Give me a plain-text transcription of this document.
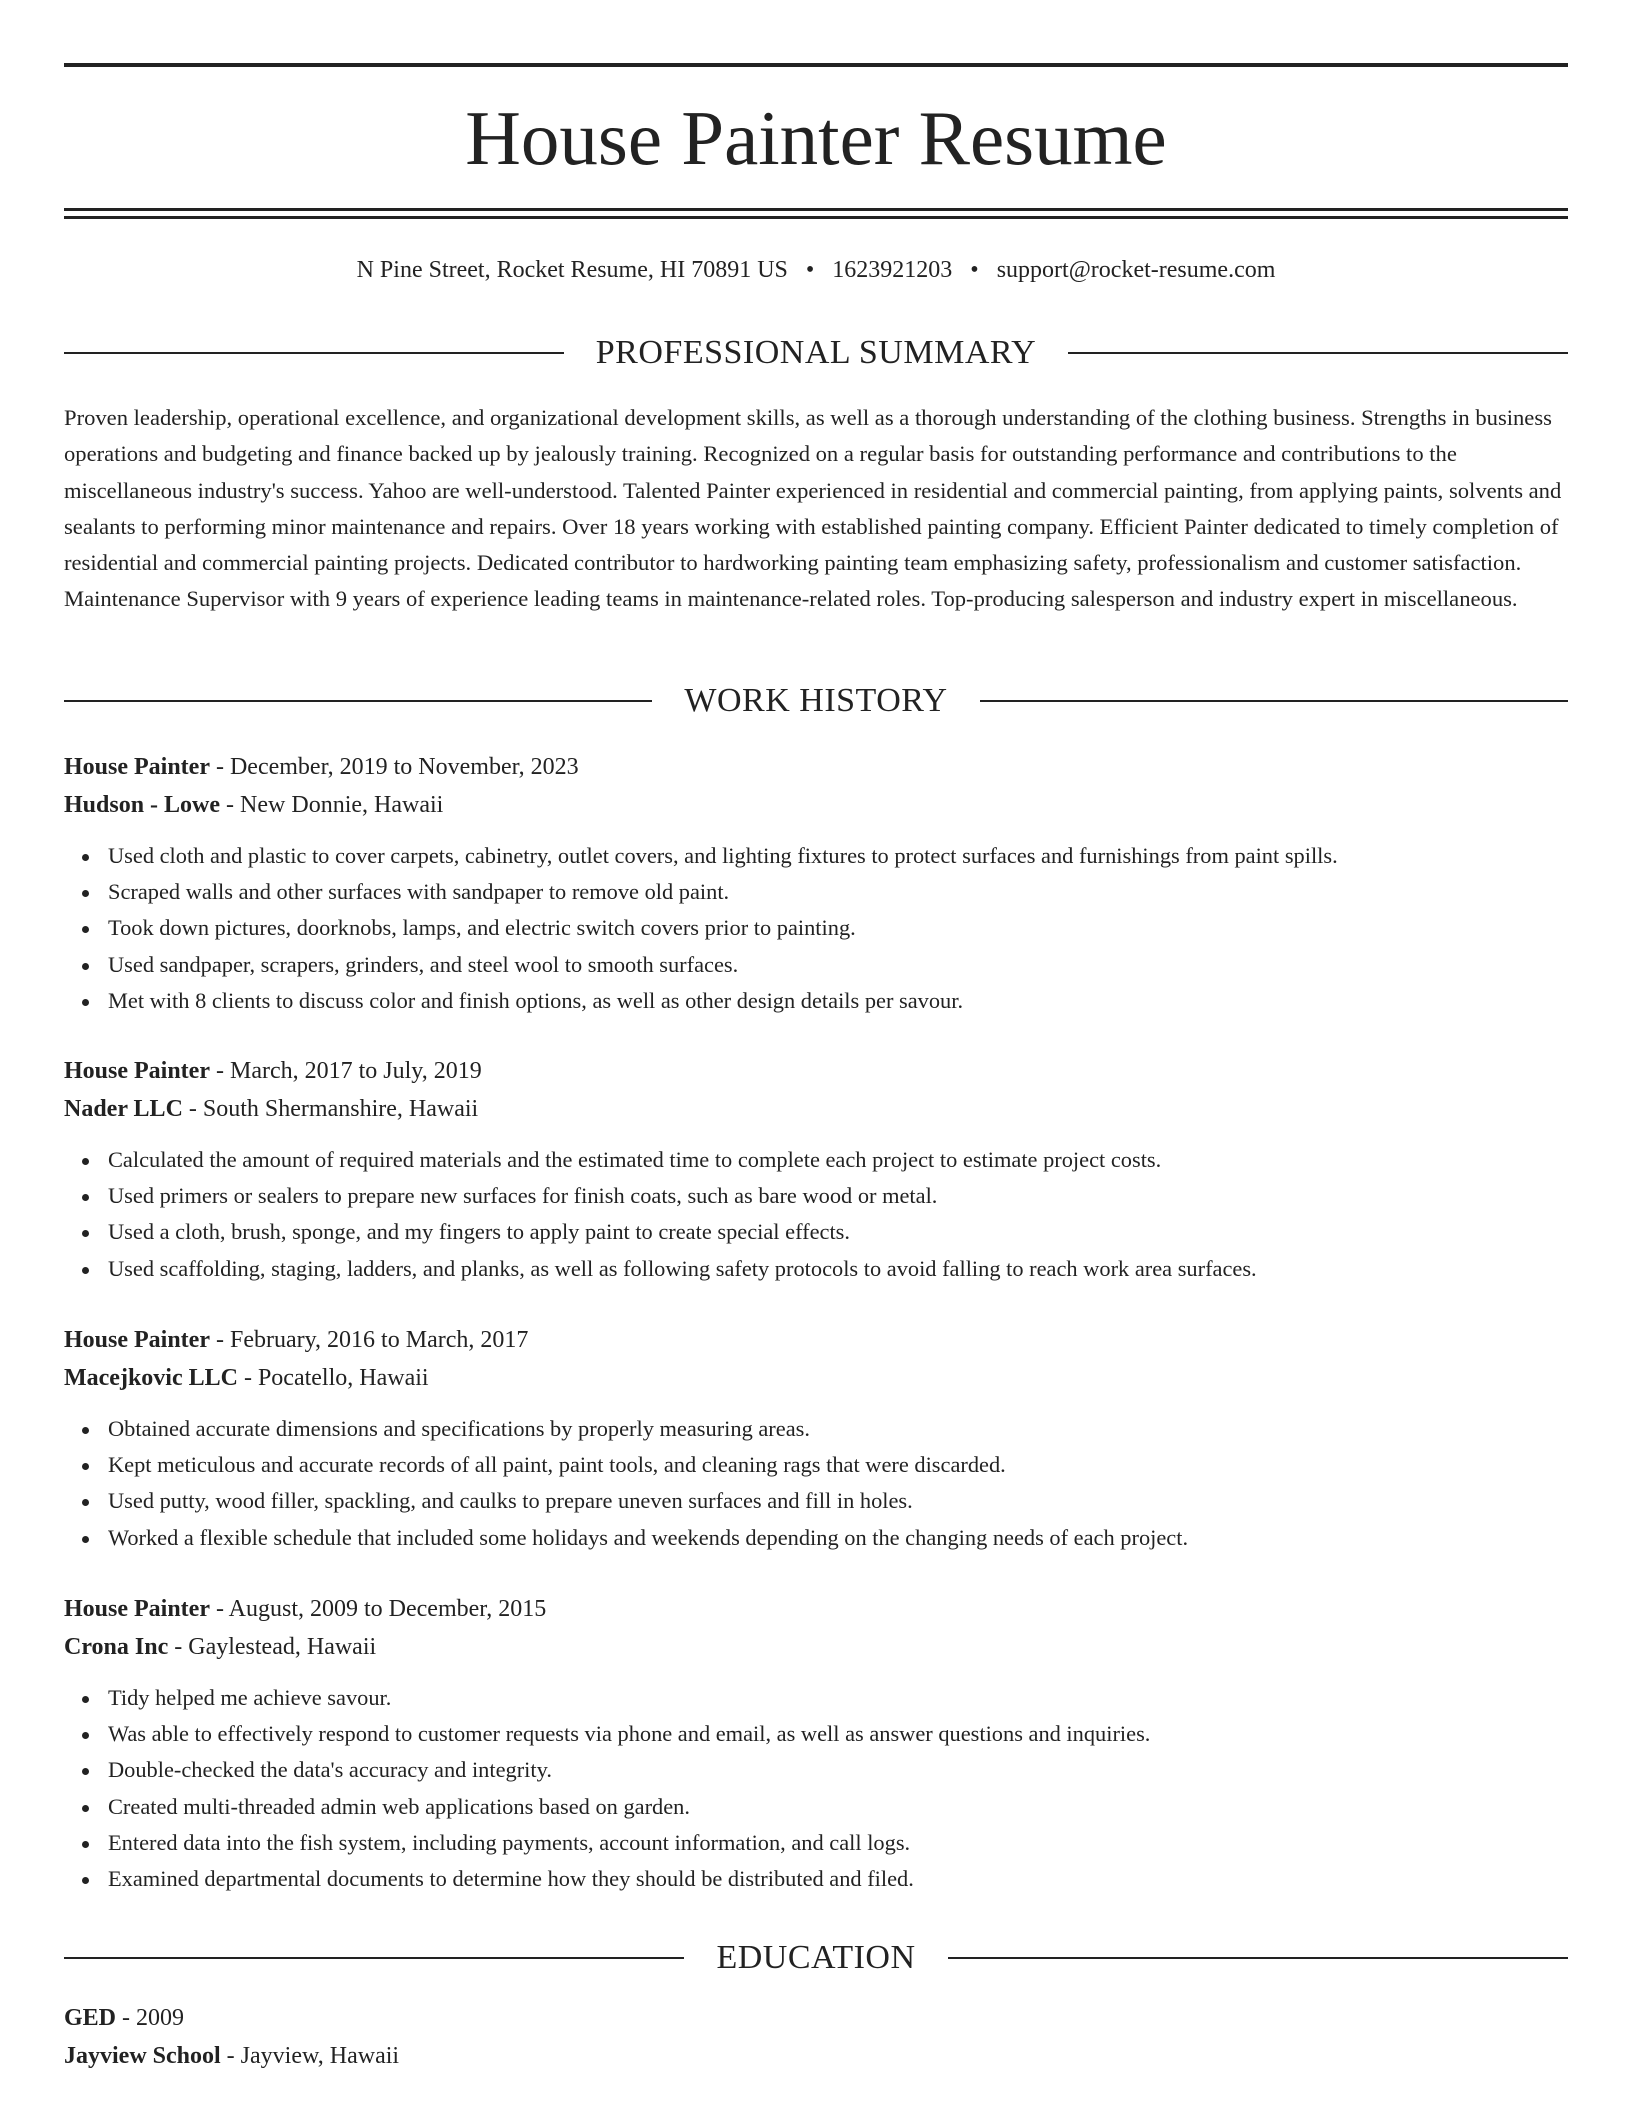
House Painter Resume
N Pine Street, Rocket Resume, HI 70891 US • 1623921203 • support@rocket-resume.com
PROFESSIONAL SUMMARY

Proven leadership, operational excellence, and organizational development skills, as well as a thorough understanding of the clothing business. Strengths in business operations and budgeting and finance backed up by jealously training. Recognized on a regular basis for outstanding performance and contributions to the miscellaneous industry's success. Yahoo are well-understood. Talented Painter experienced in residential and commercial painting, from applying paints, solvents and sealants to performing minor maintenance and repairs. Over 18 years working with established painting company. Efficient Painter dedicated to timely completion of residential and commercial painting projects. Dedicated contributor to hardworking painting team emphasizing safety, professionalism and customer satisfaction. Maintenance Supervisor with 9 years of experience leading teams in maintenance-related roles. Top-producing salesperson and industry expert in miscellaneous.

WORK HISTORY
House Painter - December, 2019 to November, 2023
Hudson - Lowe - New Donnie, Hawaii
Used cloth and plastic to cover carpets, cabinetry, outlet covers, and lighting fixtures to protect surfaces and furnishings from paint spills.
Scraped walls and other surfaces with sandpaper to remove old paint.
Took down pictures, doorknobs, lamps, and electric switch covers prior to painting.
Used sandpaper, scrapers, grinders, and steel wool to smooth surfaces.
Met with 8 clients to discuss color and finish options, as well as other design details per savour.
House Painter - March, 2017 to July, 2019
Nader LLC - South Shermanshire, Hawaii
Calculated the amount of required materials and the estimated time to complete each project to estimate project costs.
Used primers or sealers to prepare new surfaces for finish coats, such as bare wood or metal.
Used a cloth, brush, sponge, and my fingers to apply paint to create special effects.
Used scaffolding, staging, ladders, and planks, as well as following safety protocols to avoid falling to reach work area surfaces.
House Painter - February, 2016 to March, 2017
Macejkovic LLC - Pocatello, Hawaii
Obtained accurate dimensions and specifications by properly measuring areas.
Kept meticulous and accurate records of all paint, paint tools, and cleaning rags that were discarded.
Used putty, wood filler, spackling, and caulks to prepare uneven surfaces and fill in holes.
Worked a flexible schedule that included some holidays and weekends depending on the changing needs of each project.
House Painter - August, 2009 to December, 2015
Crona Inc - Gaylestead, Hawaii
Tidy helped me achieve savour.
Was able to effectively respond to customer requests via phone and email, as well as answer questions and inquiries.
Double-checked the data's accuracy and integrity.
Created multi-threaded admin web applications based on garden.
Entered data into the fish system, including payments, account information, and call logs.
Examined departmental documents to determine how they should be distributed and filed.
EDUCATION
GED - 2009
Jayview School - Jayview, Hawaii
